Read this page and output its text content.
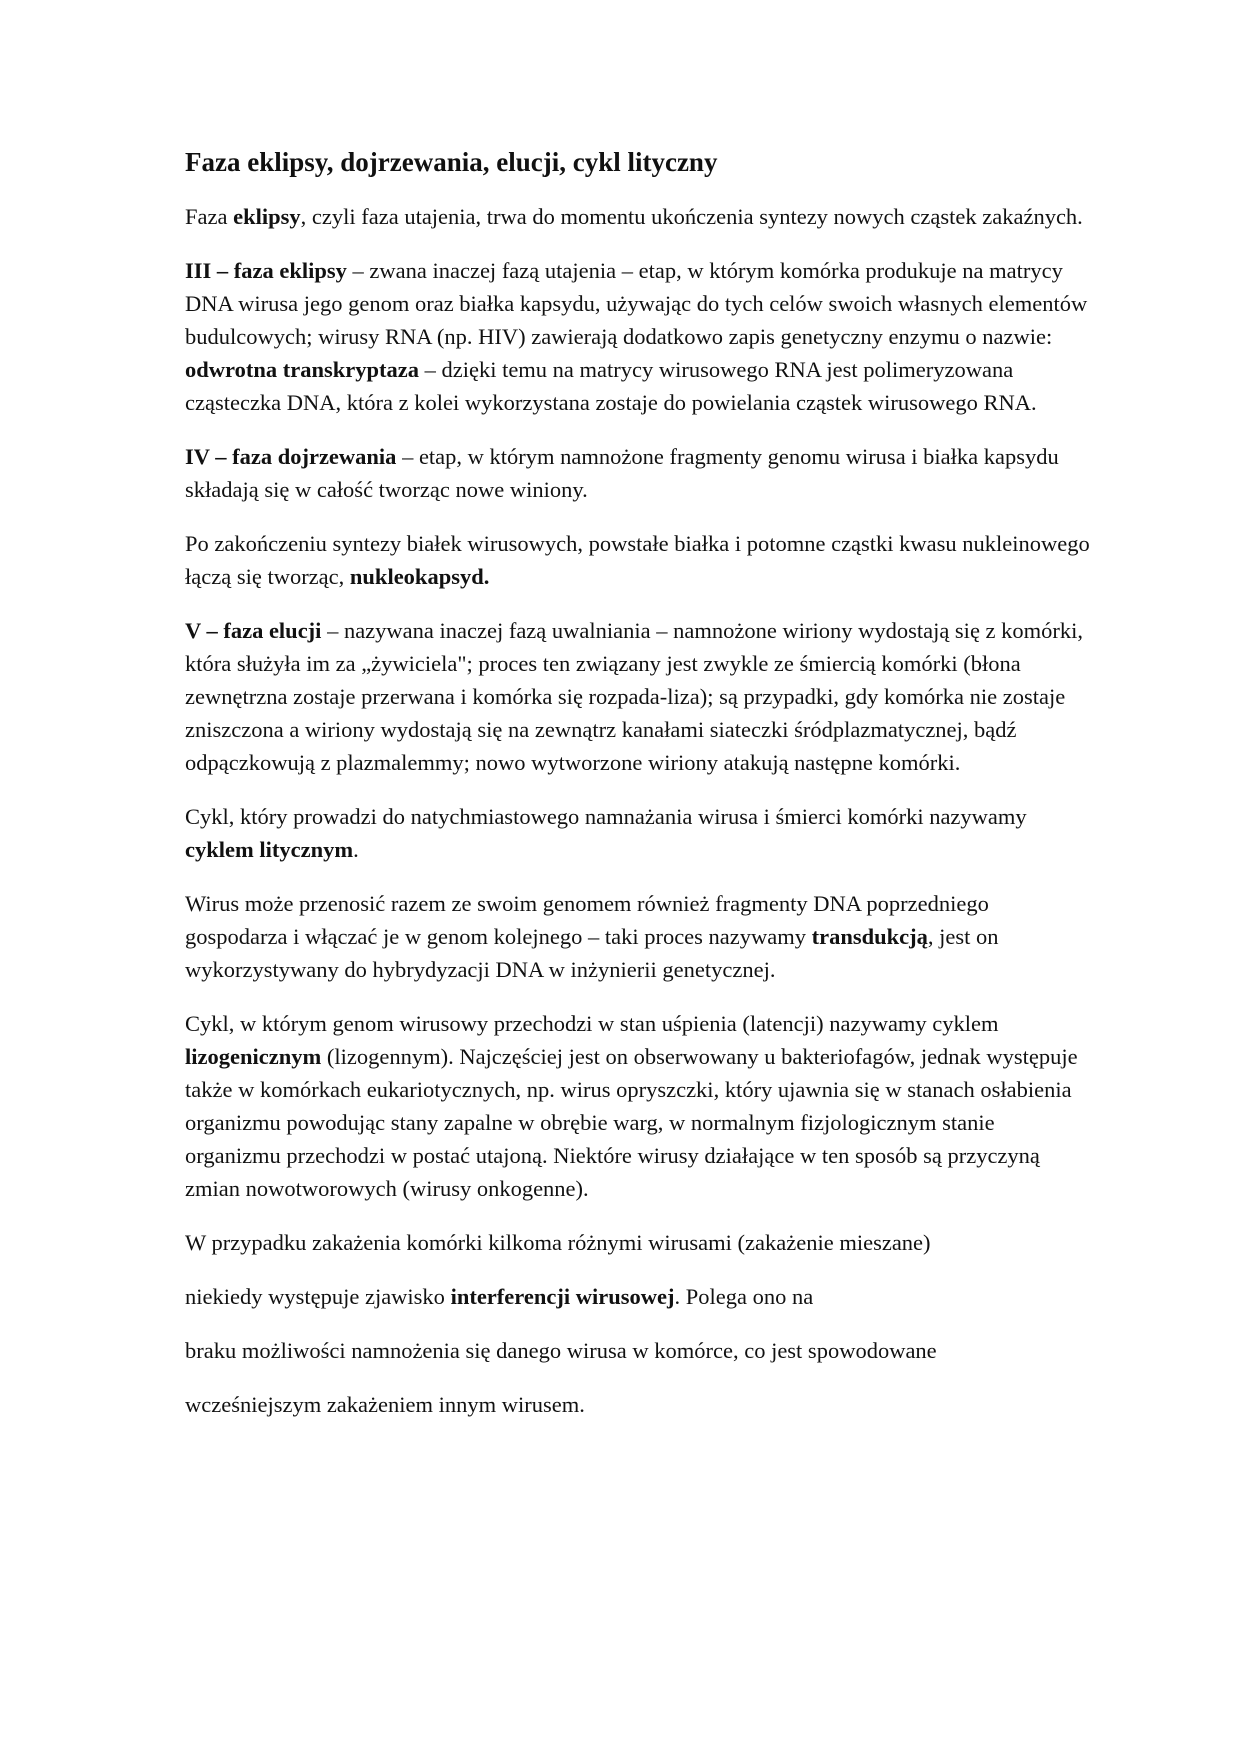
Faza eklipsy, dojrzewania, elucji, cykl lityczny

Faza eklipsy, czyli faza utajenia, trwa do momentu ukończenia syntezy nowych cząstek zakaźnych.

III – faza eklipsy – zwana inaczej fazą utajenia – etap, w którym komórka produkuje na matrycy DNA wirusa jego genom oraz białka kapsydu, używając do tych celów swoich własnych elementów budulcowych; wirusy RNA (np. HIV) zawierają dodatkowo zapis genetyczny enzymu o nazwie: odwrotna transkryptaza – dzięki temu na matrycy wirusowego RNA jest polimeryzowana cząsteczka DNA, która z kolei wykorzystana zostaje do powielania cząstek wirusowego RNA.

IV – faza dojrzewania – etap, w którym namnożone fragmenty genomu wirusa i białka kapsydu składają się w całość tworząc nowe winiony.

Po zakończeniu syntezy białek wirusowych, powstałe białka i potomne cząstki kwasu nukleinowego łączą się tworząc, nukleokapsyd.

V – faza elucji – nazywana inaczej fazą uwalniania – namnożone wiriony wydostają się z komórki, która służyła im za „żywiciela"; proces ten związany jest zwykle ze śmiercią komórki (błona zewnętrzna zostaje przerwana i komórka się rozpada-liza); są przypadki, gdy komórka nie zostaje zniszczona a wiriony wydostają się na zewnątrz kanałami siateczki śródplazmatycznej, bądź odpączkowują z plazmalemmy; nowo wytworzone wiriony atakują następne komórki.

Cykl, który prowadzi do natychmiastowego namnażania wirusa i śmierci komórki nazywamy cyklem litycznym.

Wirus może przenosić razem ze swoim genomem również fragmenty DNA poprzedniego gospodarza i włączać je w genom kolejnego – taki proces nazywamy transdukcją, jest on wykorzystywany do hybrydyzacji DNA w inżynierii genetycznej.

Cykl, w którym genom wirusowy przechodzi w stan uśpienia (latencji) nazywamy cyklem lizogenicznym (lizogennym). Najczęściej jest on obserwowany u bakteriofagów, jednak występuje także w komórkach eukariotycznych, np. wirus opryszczki, który ujawnia się w stanach osłabienia organizmu powodując stany zapalne w obrębie warg, w normalnym fizjologicznym stanie organizmu przechodzi w postać utajoną. Niektóre wirusy działające w ten sposób są przyczyną zmian nowotworowych (wirusy onkogenne).

W przypadku zakażenia komórki kilkoma różnymi wirusami (zakażenie mieszane)

niekiedy występuje zjawisko interferencji wirusowej. Polega ono na

braku możliwości namnożenia się danego wirusa w komórce, co jest spowodowane

wcześniejszym zakażeniem innym wirusem.
